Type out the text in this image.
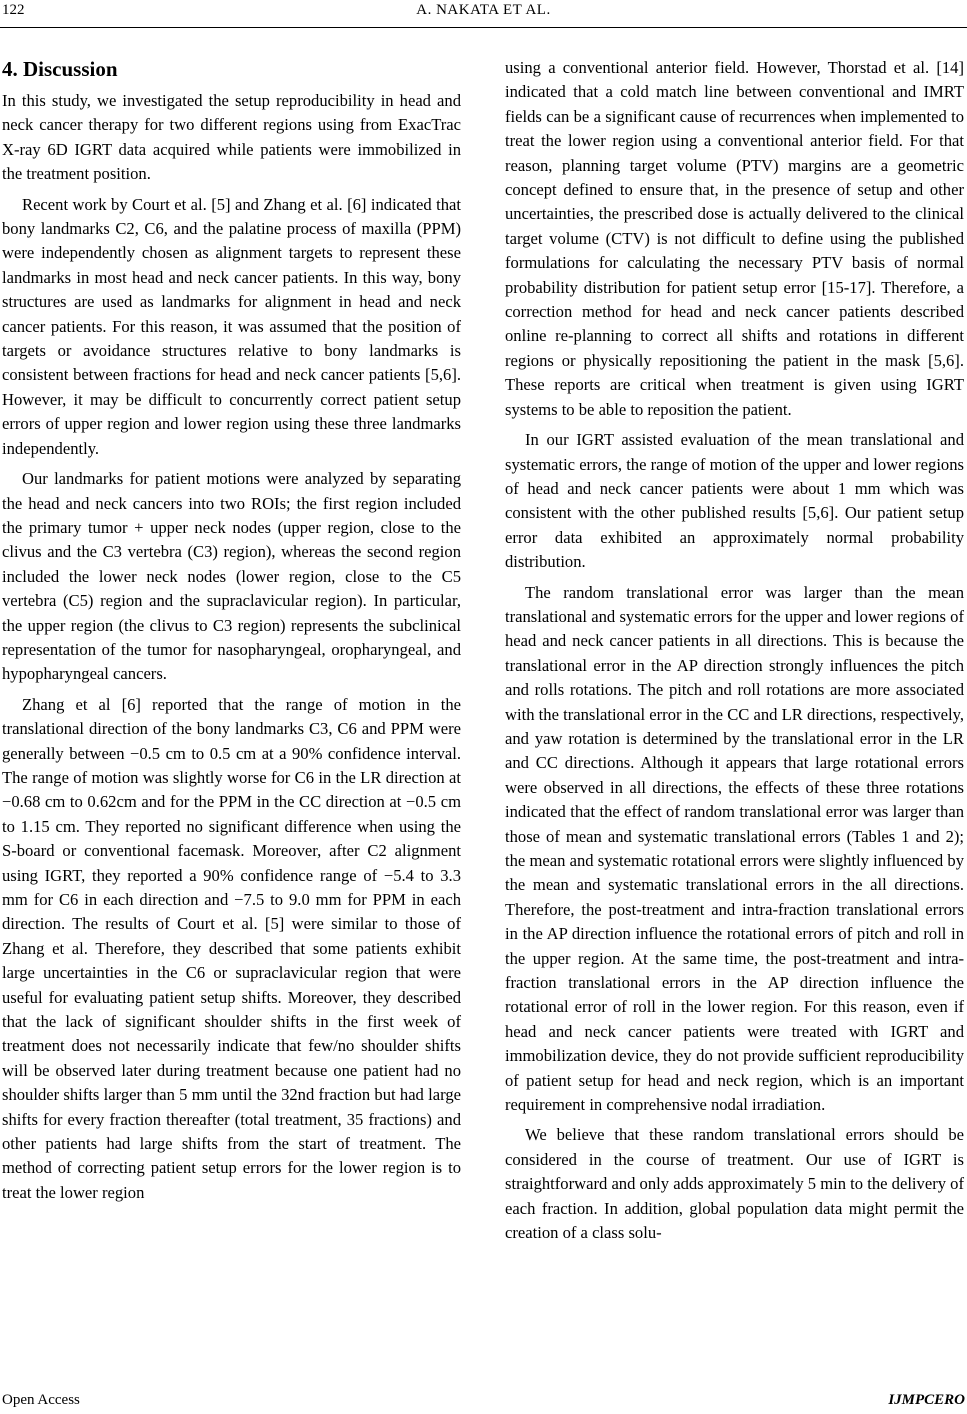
122	A. NAKATA ET AL.
4. Discussion

In this study, we investigated the setup reproducibility in head and neck cancer therapy for two different regions using from ExacTrac X-ray 6D IGRT data acquired while patients were immobilized in the treatment position.

Recent work by Court et al. [5] and Zhang et al. [6] indicated that bony landmarks C2, C6, and the palatine process of maxilla (PPM) were independently chosen as alignment targets to represent these landmarks in most head and neck cancer patients. In this way, bony structures are used as landmarks for alignment in head and neck cancer patients. For this reason, it was assumed that the position of targets or avoidance structures relative to bony landmarks is consistent between fractions for head and neck cancer patients [5,6]. However, it may be difficult to concurrently correct patient setup errors of upper region and lower region using these three landmarks independently.

Our landmarks for patient motions were analyzed by separating the head and neck cancers into two ROIs; the first region included the primary tumor + upper neck nodes (upper region, close to the clivus and the C3 vertebra (C3) region), whereas the second region included the lower neck nodes (lower region, close to the C5 vertebra (C5) region and the supraclavicular region). In particular, the upper region (the clivus to C3 region) represents the subclinical representation of the tumor for nasopharyngeal, oropharyngeal, and hypopharyngeal cancers.

Zhang et al [6] reported that the range of motion in the translational direction of the bony landmarks C3, C6 and PPM were generally between −0.5 cm to 0.5 cm at a 90% confidence interval. The range of motion was slightly worse for C6 in the LR direction at −0.68 cm to 0.62cm and for the PPM in the CC direction at −0.5 cm to 1.15 cm. They reported no significant difference when using the S-board or conventional facemask. Moreover, after C2 alignment using IGRT, they reported a 90% confidence range of −5.4 to 3.3 mm for C6 in each direction and −7.5 to 9.0 mm for PPM in each direction. The results of Court et al. [5] were similar to those of Zhang et al. Therefore, they described that some patients exhibit large uncertainties in the C6 or supraclavicular region that were useful for evaluating patient setup shifts. Moreover, they described that the lack of significant shoulder shifts in the first week of treatment does not necessarily indicate that few/no shoulder shifts will be observed later during treatment because one patient had no shoulder shifts larger than 5 mm until the 32nd fraction but had large shifts for every fraction thereafter (total treatment, 35 fractions) and other patients had large shifts from the start of treatment. The method of correcting patient setup errors for the lower region is to treat the lower region

using a conventional anterior field. However, Thorstad et al. [14] indicated that a cold match line between conventional and IMRT fields can be a significant cause of recurrences when implemented to treat the lower region using a conventional anterior field. For that reason, planning target volume (PTV) margins are a geometric concept defined to ensure that, in the presence of setup and other uncertainties, the prescribed dose is actually delivered to the clinical target volume (CTV) is not difficult to define using the published formulations for calculating the necessary PTV basis of normal probability distribution for patient setup error [15-17]. Therefore, a correction method for head and neck cancer patients described online re-planning to correct all shifts and rotations in different regions or physically repositioning the patient in the mask [5,6]. These reports are critical when treatment is given using IGRT systems to be able to reposition the patient.

In our IGRT assisted evaluation of the mean translational and systematic errors, the range of motion of the upper and lower regions of head and neck cancer patients were about 1 mm which was consistent with the other published results [5,6]. Our patient setup error data exhibited an approximately normal probability distribution.

The random translational error was larger than the mean translational and systematic errors for the upper and lower regions of head and neck cancer patients in all directions. This is because the translational error in the AP direction strongly influences the pitch and rolls rotations. The pitch and roll rotations are more associated with the translational error in the CC and LR directions, respectively, and yaw rotation is determined by the translational error in the LR and CC directions. Although it appears that large rotational errors were observed in all directions, the effects of these three rotations indicated that the effect of random translational error was larger than those of mean and systematic translational errors (Tables 1 and 2); the mean and systematic rotational errors were slightly influenced by the mean and systematic translational errors in the all directions. Therefore, the post-treatment and intra-fraction translational errors in the AP direction influence the rotational errors of pitch and roll in the upper region. At the same time, the post-treatment and intra-fraction translational errors in the AP direction influence the rotational error of roll in the lower region. For this reason, even if head and neck cancer patients were treated with IGRT and immobilization device, they do not provide sufficient reproducibility of patient setup for head and neck region, which is an important requirement in comprehensive nodal irradiation.

We believe that these random translational errors should be considered in the course of treatment. Our use of IGRT is straightforward and only adds approximately 5 min to the delivery of each fraction. In addition, global population data might permit the creation of a class solu-

Open Access	IJMPCERO
